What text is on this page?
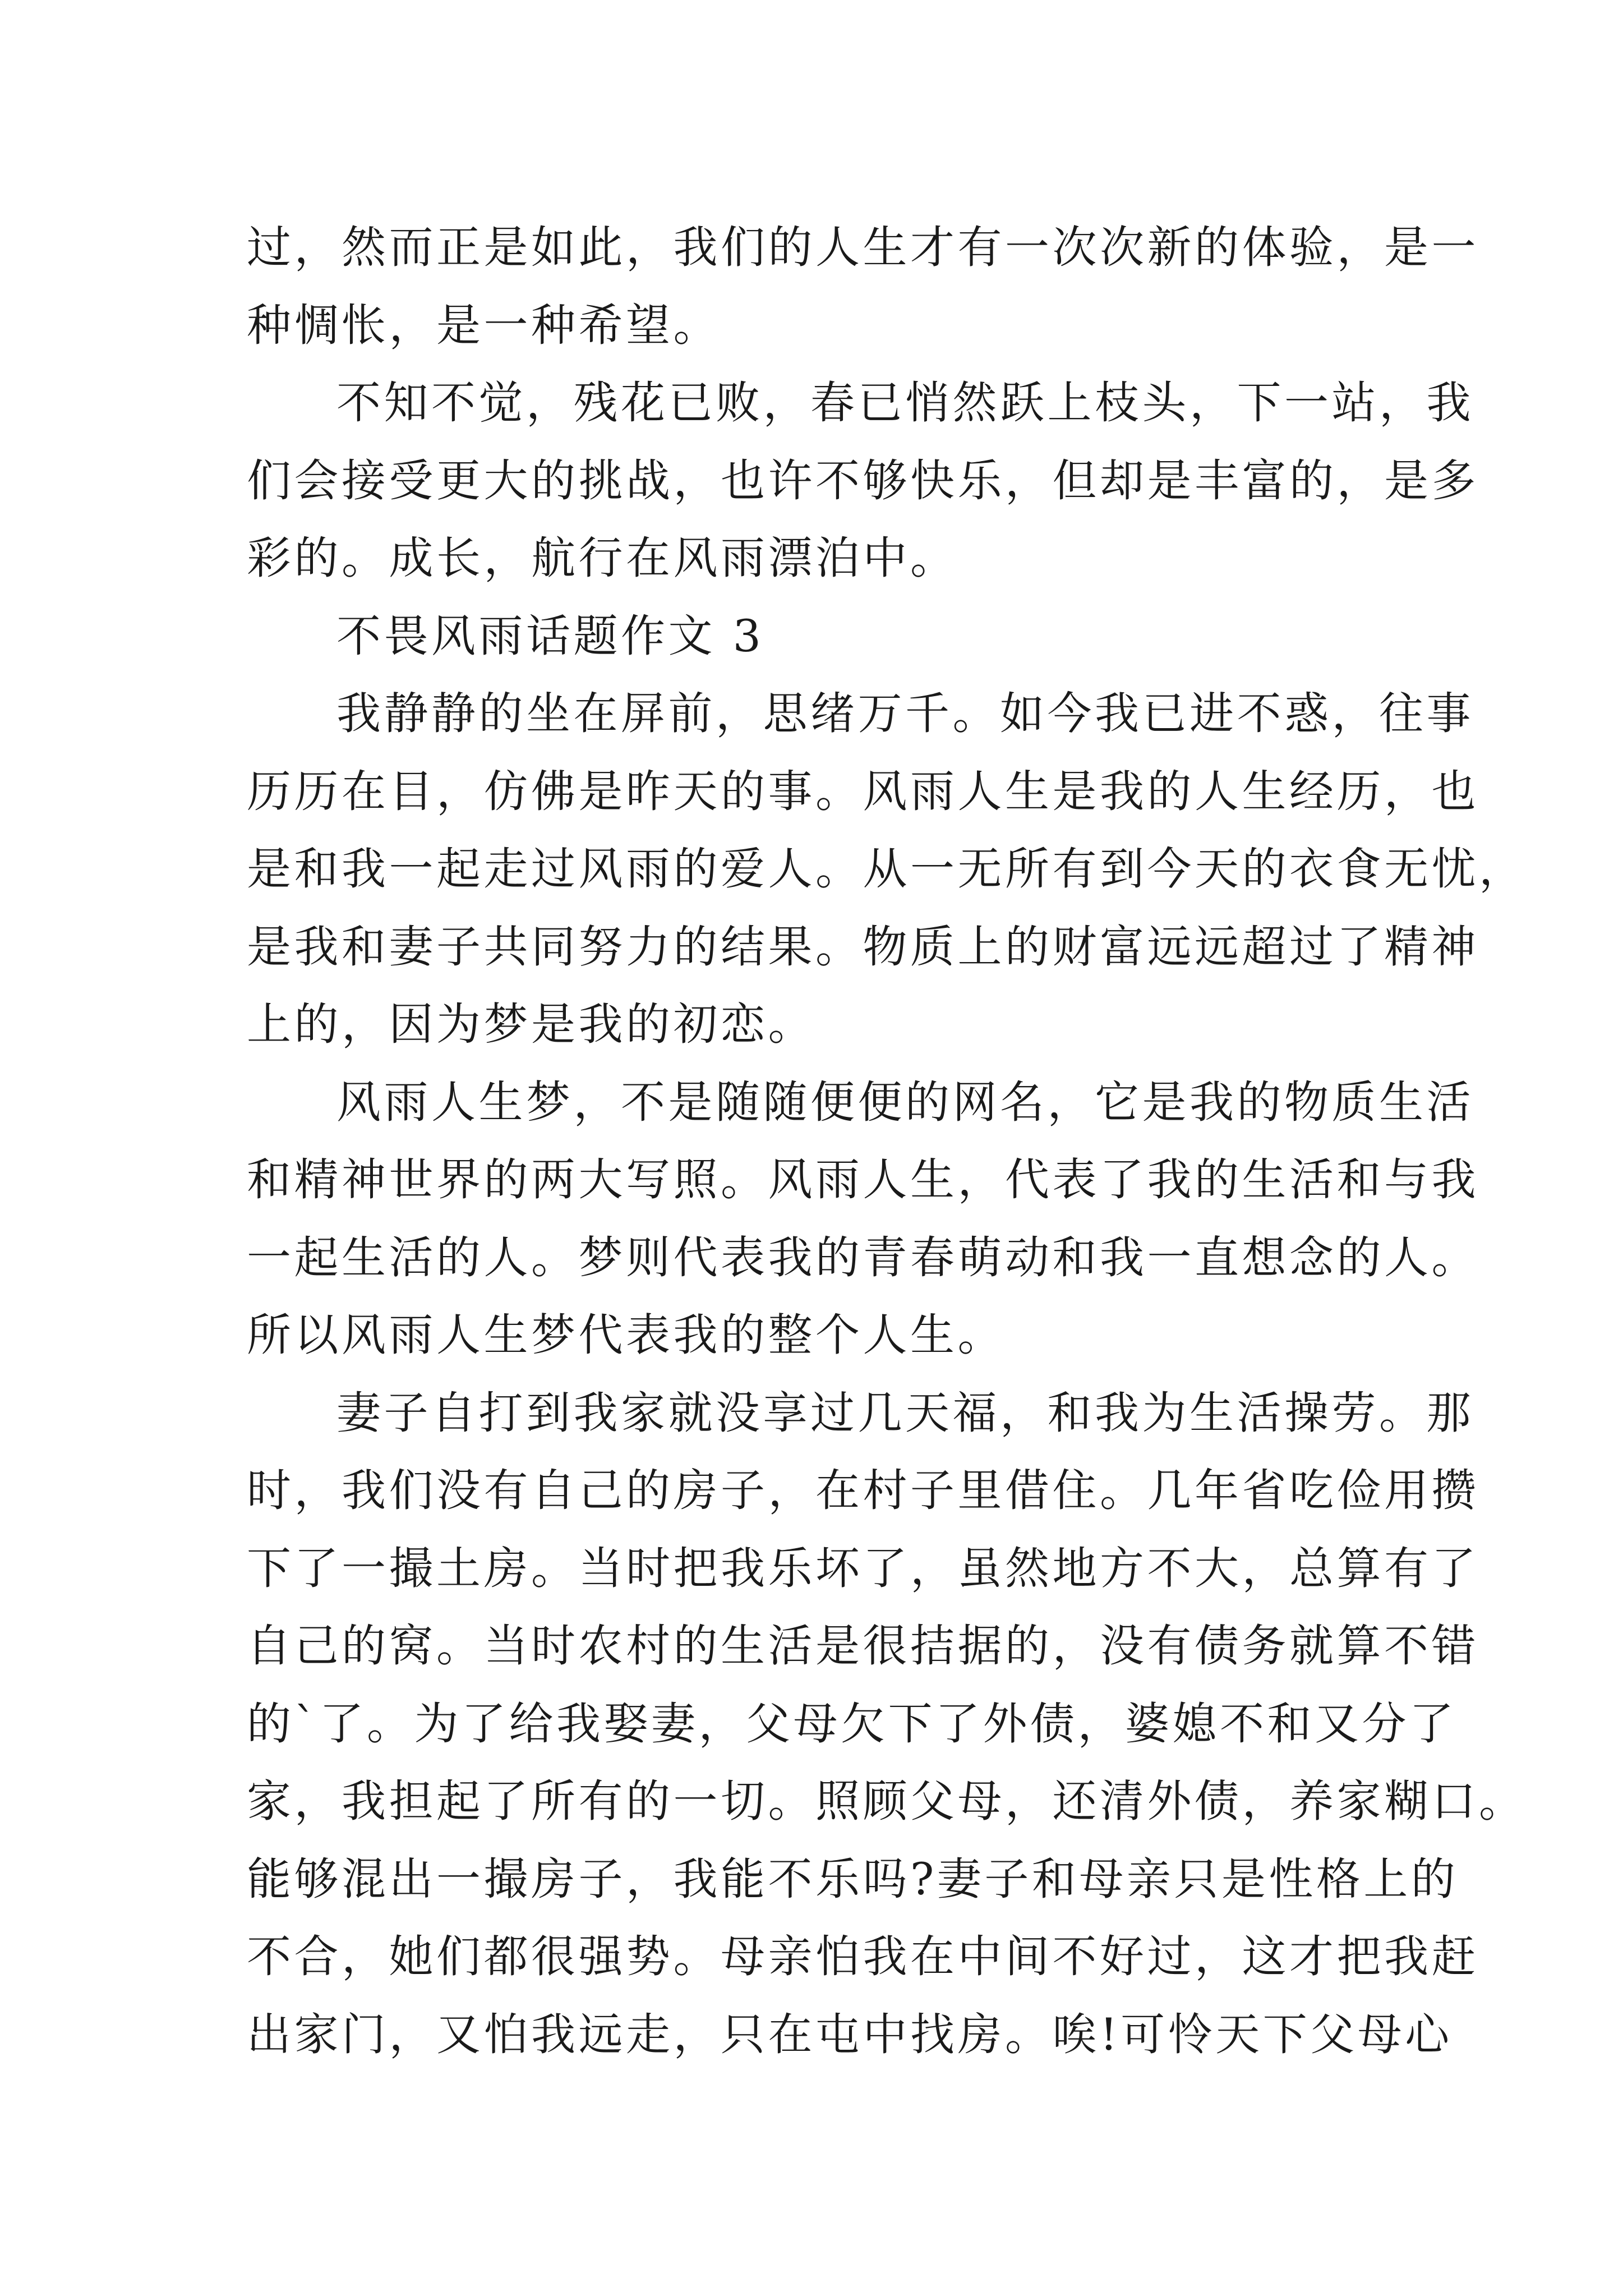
过，然而正是如此，我们的人生才有一次次新的体验，是一
种惆怅，是一种希望。
不知不觉，残花已败，春已悄然跃上枝头，下一站，我
们会接受更大的挑战，也许不够快乐，但却是丰富的，是多
彩的。成长，航行在风雨漂泊中。
不畏风雨话题作文 3
我静静的坐在屏前，思绪万千。如今我已进不惑，往事
历历在目，仿佛是昨天的事。风雨人生是我的人生经历，也
是和我一起走过风雨的爱人。从一无所有到今天的衣食无忧，
是我和妻子共同努力的结果。物质上的财富远远超过了精神
上的，因为梦是我的初恋。
风雨人生梦，不是随随便便的网名，它是我的物质生活
和精神世界的两大写照。风雨人生，代表了我的生活和与我
一起生活的人。梦则代表我的青春萌动和我一直想念的人。
所以风雨人生梦代表我的整个人生。
妻子自打到我家就没享过几天福，和我为生活操劳。那
时，我们没有自己的房子，在村子里借住。几年省吃俭用攒
下了一撮土房。当时把我乐坏了，虽然地方不大，总算有了
自己的窝。当时农村的生活是很拮据的，没有债务就算不错
的`了。为了给我娶妻，父母欠下了外债，婆媳不和又分了
家，我担起了所有的一切。照顾父母，还清外债，养家糊口。
能够混出一撮房子，我能不乐吗?妻子和母亲只是性格上的
不合，她们都很强势。母亲怕我在中间不好过，这才把我赶
出家门，又怕我远走，只在屯中找房。唉!可怜天下父母心
